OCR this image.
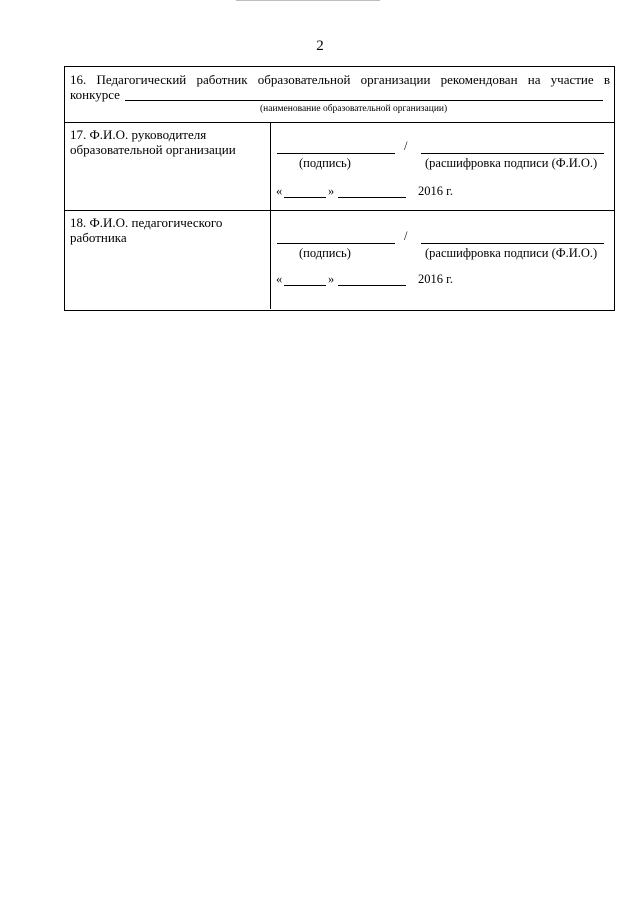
2
16. Педагогический работник образовательной организации рекомендован на участие в
конкурсе
(наименование образовательной организации)
17. Ф.И.О. руководителя
образовательной организации	/
(подпись)	(расшифровка подписи (Ф.И.О.)
«	»	2016 г.
18. Ф.И.О. педагогического
работника	/
(подпись)	(расшифровка подписи (Ф.И.О.)
«	»	2016 г.
